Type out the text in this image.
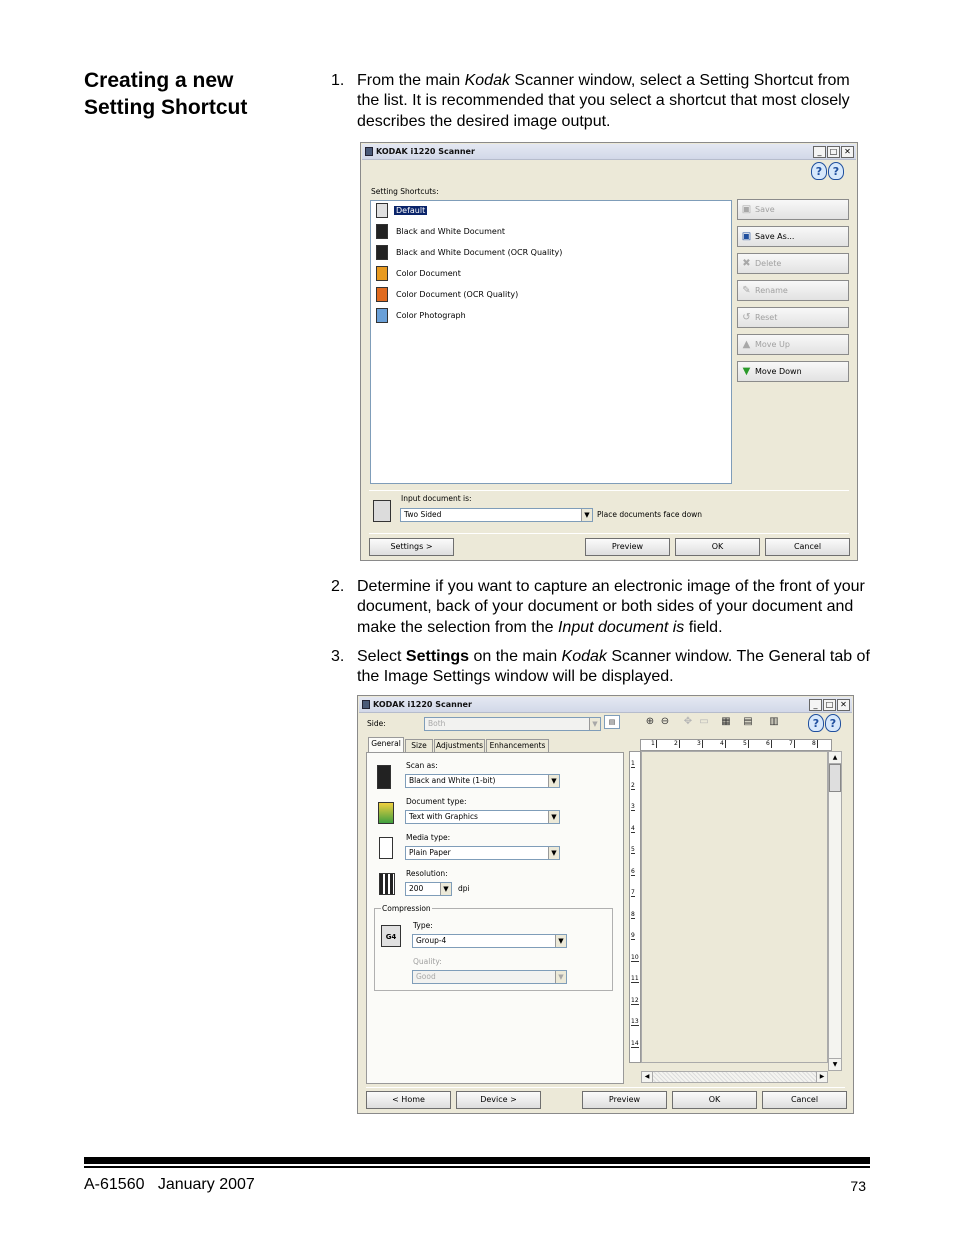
Creating a new
Setting Shortcut
1. From the main Kodak Scanner window, select a Setting Shortcut from the list. It is recommended that you select a shortcut that most closely describes the desired image output.
KODAK i1220 Scanner	_	□ ✕
? ?
Setting Shortcuts:
Default
Black and White Document
Black and White Document (OCR Quality)
Color Document
Color Document (OCR Quality)
Color Photograph
▣ Save
▣ Save As...
✖ Delete
✎ Rename
↺ Reset
▲ Move Up
▼ Move Down
Input document is:
Two Sided	▼ Place documents face down
Settings >	Preview	OK	Cancel
2. Determine if you want to capture an electronic image of the front of your document, back of your document or both sides of your document and make the selection from the Input document is field.
3. Select Settings on the main Kodak Scanner window. The General tab of the Image Settings window will be displayed.
KODAK i1220 Scanner	_	□ ✕
Side:	Both	▼	▤	⊕ ⊖ ✥ ▭ ▦ ▤ ▥	? ?
General	Size	Adjustments Enhancements
Scan as:
Black and White (1-bit)	▼
Document type:
Text with Graphics	▼
Media type:
Plain Paper	▼
Resolution:
200	▼	dpi
Compression
G4
Type:
Group-4	▼
Quality:
Good	▼
1	2	3	4	5	6	7	8
1
2
3
4
5
6
7
8
9
10
11
12
13
14
▲
▼
◀	▶
< Home	Device >	Preview	OK	Cancel
A-61560   January 2007	73
